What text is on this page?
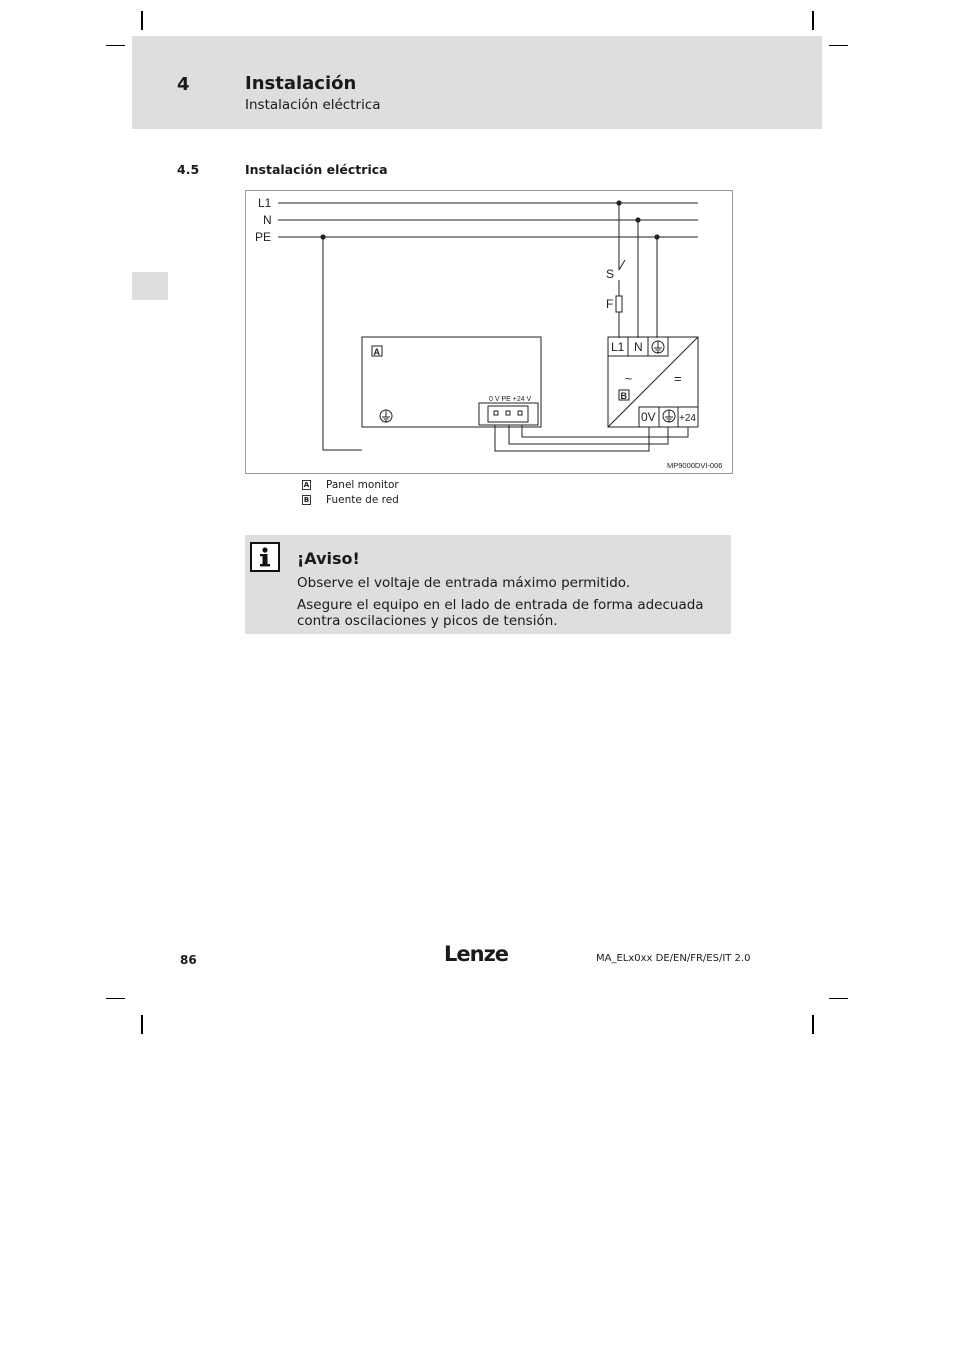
4	Instalación
Instalación eléctrica
4.5	Instalación eléctrica
L1
N
PE
S
F
A
0 V PE +24 V
L1 N
~	=
B
0V +24
MP9000DVI-006
A Panel monitor
B Fuente de red
¡Aviso!
Observe el voltaje de entrada máximo permitido.
Asegure el equipo en el lado de entrada de forma adecuada contra oscilaciones y picos de tensión.
86	Lenze	MA_ELx0xx DE/EN/FR/ES/IT 2.0
